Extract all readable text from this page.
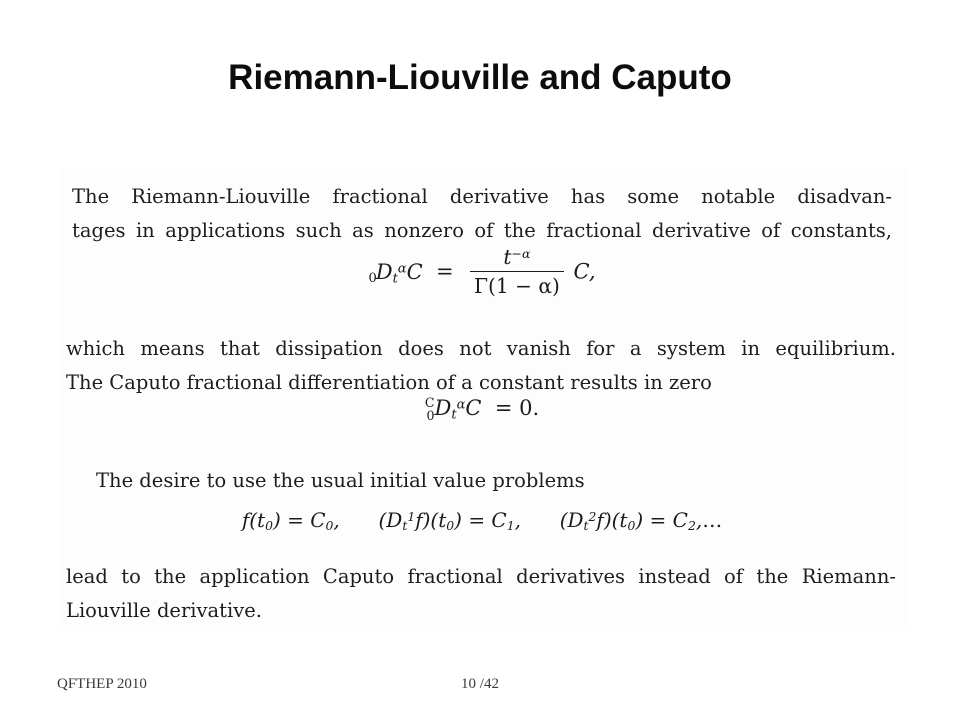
Riemann-Liouville and Caputo
The Riemann-Liouville fractional derivative has some notable disadvan-
tages in applications such as nonzero of the fractional derivative of constants,
$0D_t^\alpha C = \frac{t^{-\alpha}}{\Gamma(1 - \alpha)} C$,
which means that dissipation does not vanish for a system in equilibrium.
The Caputo fractional differentiation of a constant results in zero
C
0 $D_t^\alpha C = 0$.
The desire to use the usual initial value problems
$f(t_0) = C_0$, $(D_t^1f)(t_0) = C_1$, $(D_t^2f)(t_0)$ = $C_2,\dots$
lead to the application Caputo fractional derivatives instead of the Riemann-
Liouville derivative.
QFTHEP 2010	10 /42
